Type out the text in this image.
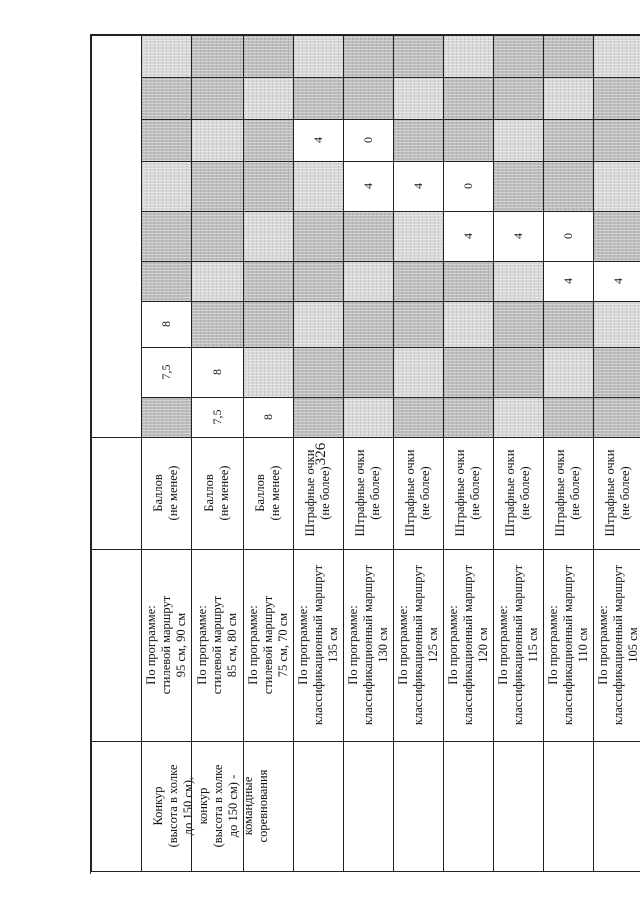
326
8
7,5
Баллов
(не менее)
По программе:
стилевой маршрут
95 см, 90 см
8
7,5
Баллов
(не менее)
По программе:
стилевой маршрут
85 см, 80 см
8
Баллов
(не менее)
По программе:
стилевой маршрут
75 см, 70 см
4
Штрафные очки
(не более)
По программе:
классификационный маршрут
135 см
0
4
Штрафные очки
(не более)
По программе:
классификационный маршрут
130 см
4
Штрафные очки
(не более)
По программе:
классификационный маршрут
125 см
0
4
Штрафные очки
(не более)
По программе:
классификационный маршрут
120 см
4
Штрафные очки
(не более)
По программе:
классификационный маршрут
115 см
0
4
Штрафные очки
(не более)
По программе:
классификационный маршрут
110 см
4
Штрафные очки
(не более)
По программе:
классификационный маршрут
105 см
Конкур
(высота в холке
до 150 см),
конкур
(высота в холке
до 150 см) -
командные
соревнования
